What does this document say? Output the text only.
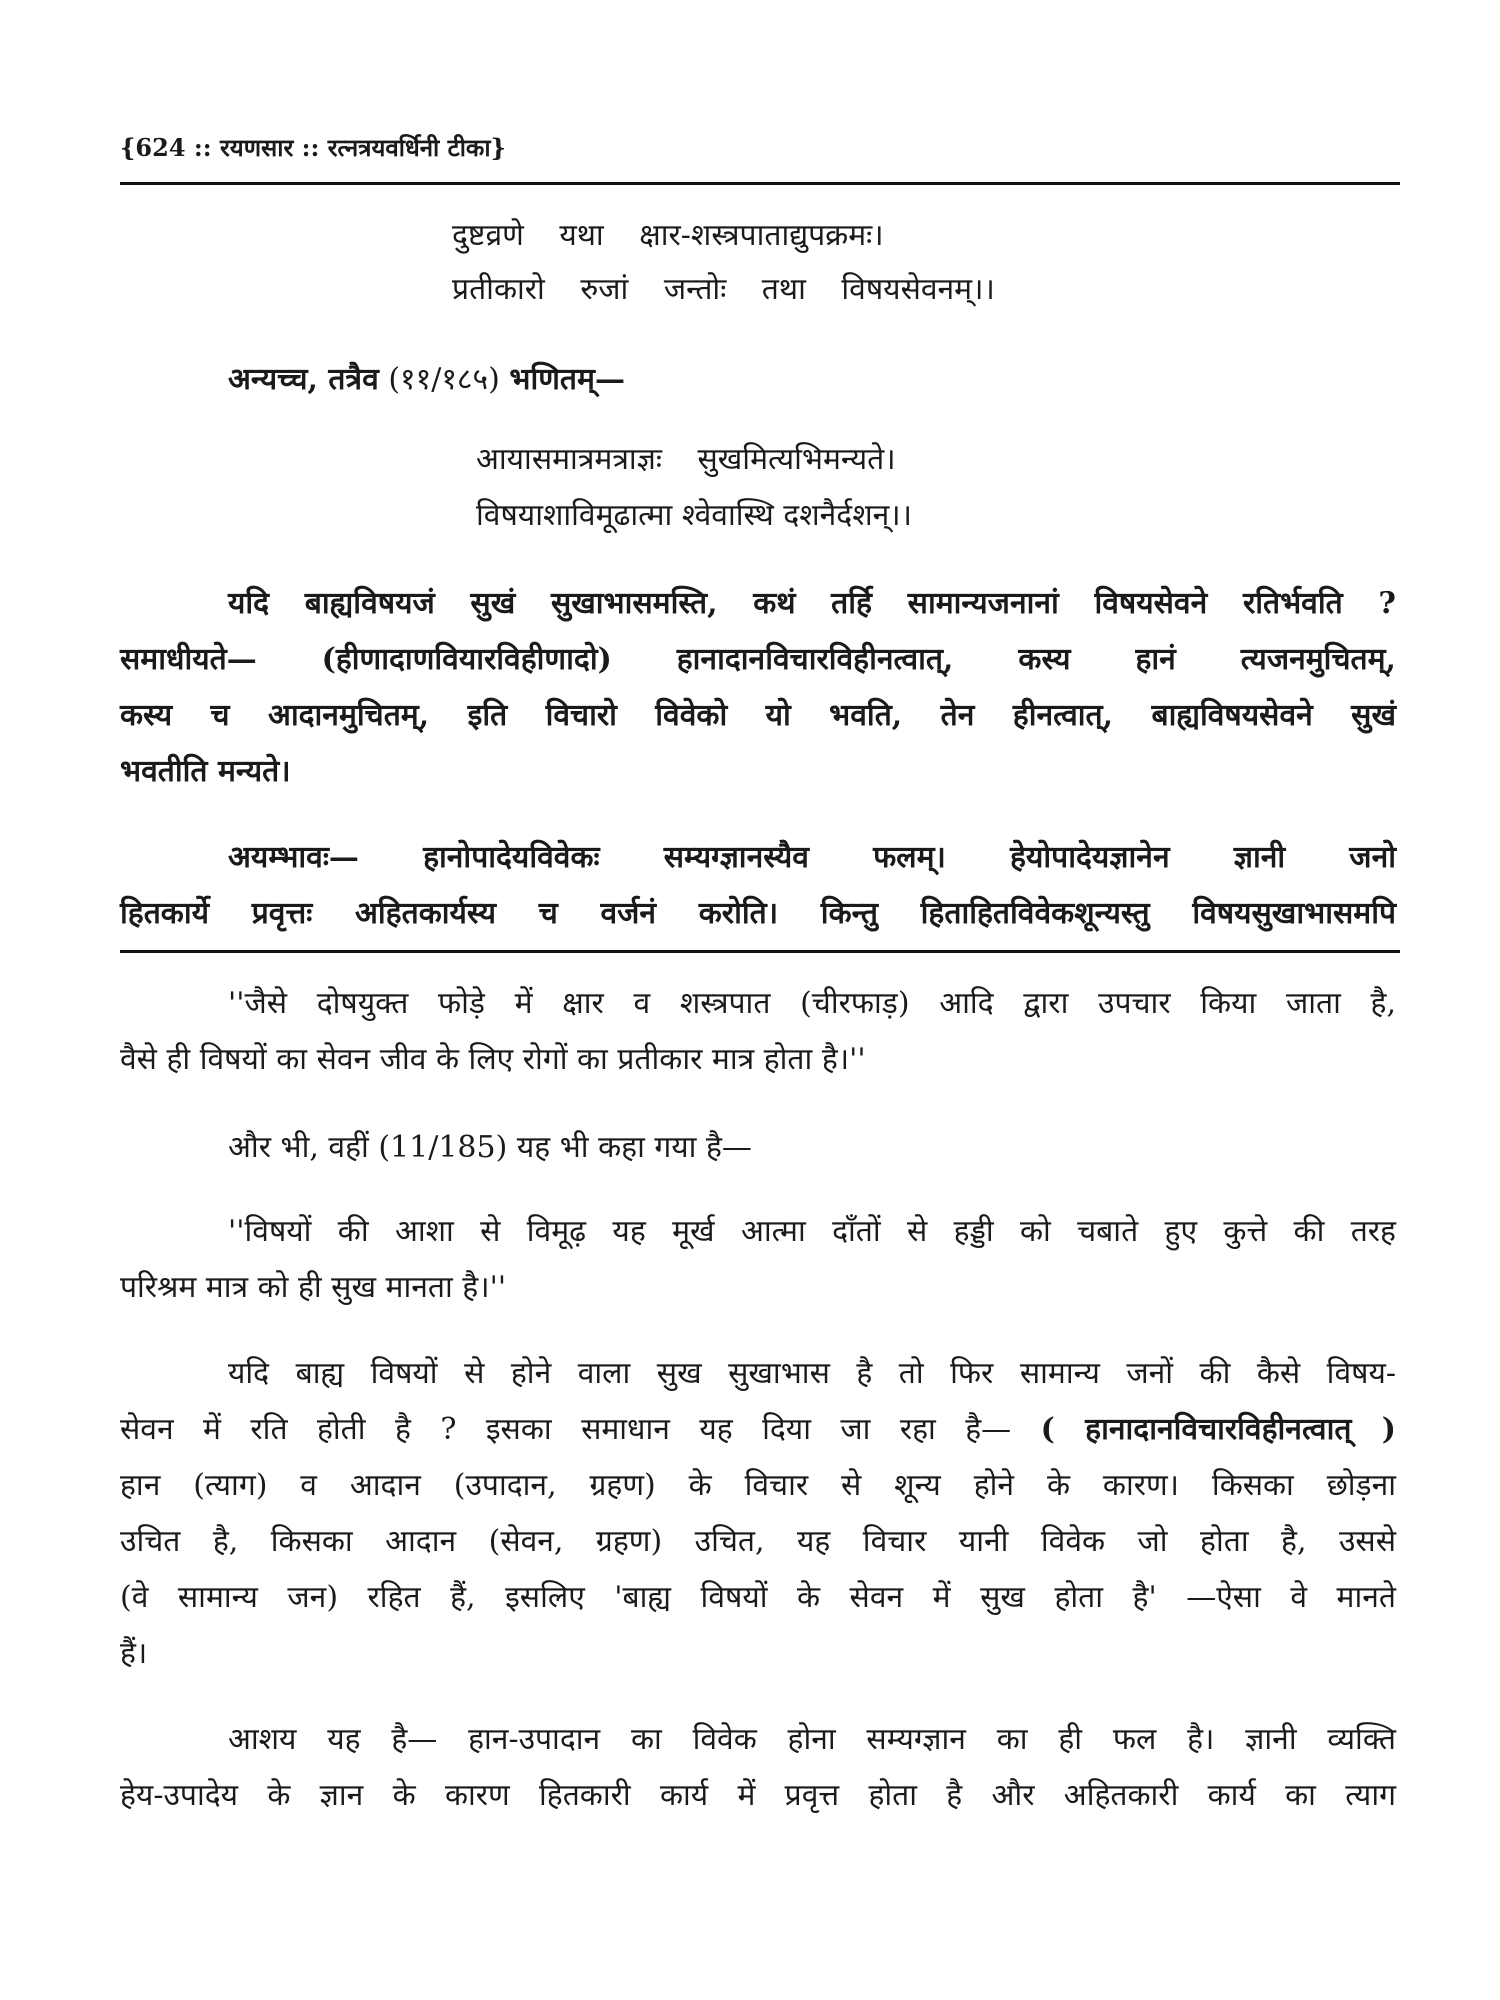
{624 :: रयणसार :: रत्नत्रयवर्धिनी टीका}
दुष्टव्रणे यथा क्षार-शस्त्रपाताद्युपक्रमः।
प्रतीकारो रुजां जन्तोः तथा विषयसेवनम्।।
अन्यच्च, तत्रैव (११/१८५) भणितम्—
आयासमात्रमत्राज्ञः सुखमित्यभिमन्यते।
विषयाशाविमूढात्मा श्वेवास्थि दशनैर्दशन्।।
यदि बाह्यविषयजं सुखं सुखाभासमस्ति, कथं तर्हि सामान्यजनानां विषयसेवने रतिर्भवति ?
समाधीयते— (हीणादाणवियारविहीणादो) हानादानविचारविहीनत्वात्, कस्य हानं त्यजनमुचितम्,
कस्य च आदानमुचितम्, इति विचारो विवेको यो भवति, तेन हीनत्वात्, बाह्यविषयसेवने सुखं
भवतीति मन्यते।
अयम्भावः— हानोपादेयविवेकः सम्यग्ज्ञानस्यैव फलम्। हेयोपादेयज्ञानेन ज्ञानी जनो
हितकार्ये प्रवृत्तः अहितकार्यस्य च वर्जनं करोति। किन्तु हिताहितविवेकशून्यस्तु विषयसुखाभासमपि
''जैसे दोषयुक्त फोड़े में क्षार व शस्त्रपात (चीरफाड़) आदि द्वारा उपचार किया जाता है,
वैसे ही विषयों का सेवन जीव के लिए रोगों का प्रतीकार मात्र होता है।''
और भी, वहीं (11/185) यह भी कहा गया है—
''विषयों की आशा से विमूढ़ यह मूर्ख आत्मा दाँतों से हड्डी को चबाते हुए कुत्ते की तरह
परिश्रम मात्र को ही सुख मानता है।''
यदि बाह्य विषयों से होने वाला सुख सुखाभास है तो फिर सामान्य जनों की कैसे विषय-
सेवन में रति होती है ? इसका समाधान यह दिया जा रहा है— ( हानादानविचारविहीनत्वात् )
हान (त्याग) व आदान (उपादान, ग्रहण) के विचार से शून्य होने के कारण। किसका छोड़ना
उचित है, किसका आदान (सेवन, ग्रहण) उचित, यह विचार यानी विवेक जो होता है, उससे
(वे सामान्य जन) रहित हैं, इसलिए 'बाह्य विषयों के सेवन में सुख होता है' —ऐसा वे मानते
हैं।
आशय यह है— हान-उपादान का विवेक होना सम्यग्ज्ञान का ही फल है। ज्ञानी व्यक्ति
हेय-उपादेय के ज्ञान के कारण हितकारी कार्य में प्रवृत्त होता है और अहितकारी कार्य का त्याग
